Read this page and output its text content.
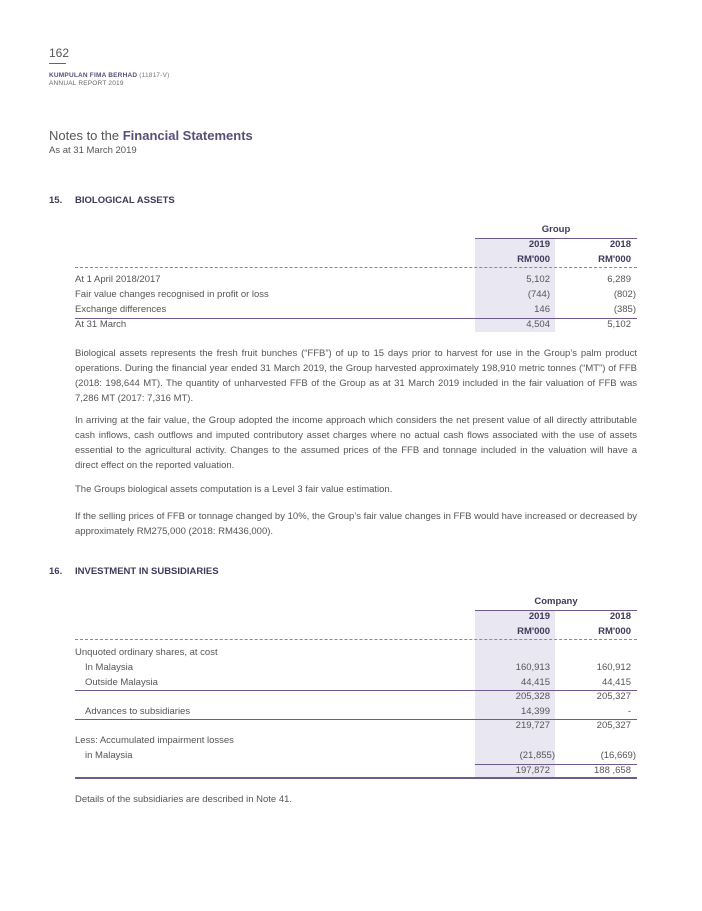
162
KUMPULAN FIMA BERHAD (11817-V)
ANNUAL REPORT 2019
Notes to the Financial Statements
As at 31 March 2019
15. BIOLOGICAL ASSETS
Group
2019	2018
RM'000	RM'000
At 1 April 2018/2017	5,102	6,289
Fair value changes recognised in profit or loss	(744)	(802)
Exchange differences	146	(385)
At 31 March	4,504	5,102
Biological assets represents the fresh fruit bunches (“FFB”) of up to 15 days prior to harvest for use in the Group’s palm product operations. During the financial year ended 31 March 2019, the Group harvested approximately 198,910 metric tonnes (“MT”) of FFB (2018: 198,644 MT). The quantity of unharvested FFB of the Group as at 31 March 2019 included in the fair valuation of FFB was 7,286 MT (2017: 7,316 MT).
In arriving at the fair value, the Group adopted the income approach which considers the net present value of all directly attributable cash inflows, cash outflows and imputed contributory asset charges where no actual cash flows associated with the use of assets essential to the agricultural activity. Changes to the assumed prices of the FFB and tonnage included in the valuation will have a direct effect on the reported valuation.
The Groups biological assets computation is a Level 3 fair value estimation.
If the selling prices of FFB or tonnage changed by 10%, the Group’s fair value changes in FFB would have increased or decreased by approximately RM275,000 (2018: RM436,000).
16. INVESTMENT IN SUBSIDIARIES
Company
2019	2018
RM'000	RM'000
Unquoted ordinary shares, at cost
In Malaysia	160,913	160,912
Outside Malaysia	44,415	44,415
205,328	205,327
Advances to subsidiaries	14,399	-
219,727	205,327
Less: Accumulated impairment losses
in Malaysia	(21,855)	(16,669)
197,872	188 ,658
Details of the subsidiaries are described in Note 41.
